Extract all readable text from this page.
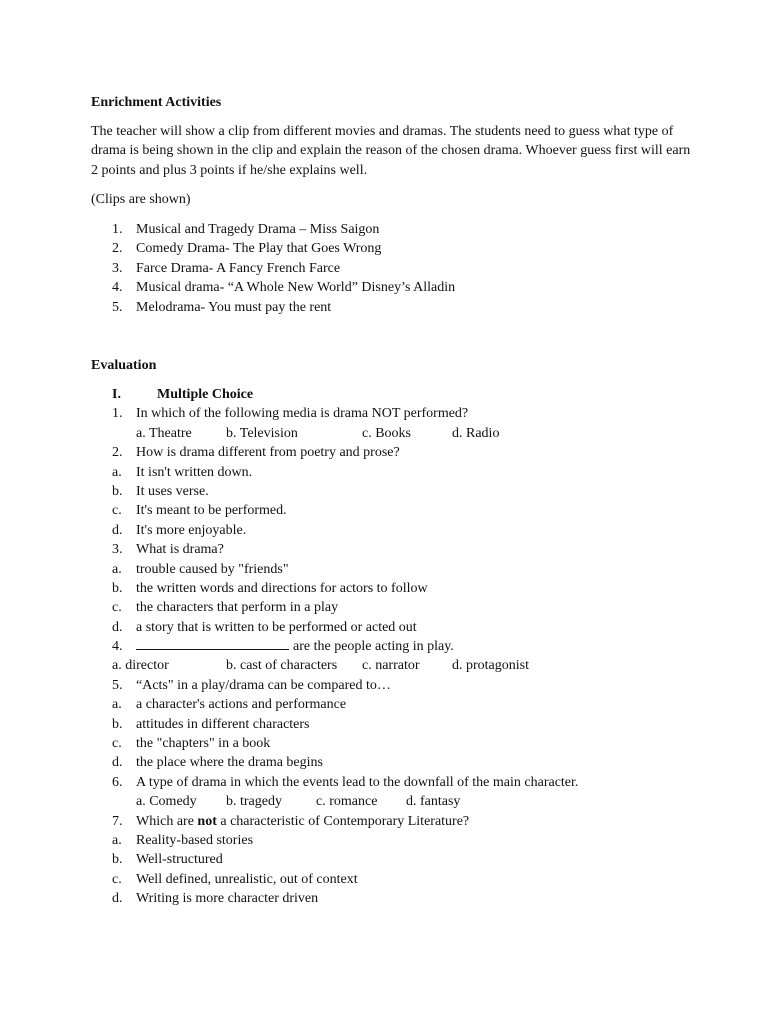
Enrichment Activities
The teacher will show a clip from different movies and dramas. The students need to guess what type of drama is being shown in the clip and explain the reason of the chosen drama. Whoever guess first will earn 2 points and plus 3 points if he/she explains well.
(Clips are shown)
1. Musical and Tragedy Drama – Miss Saigon
2. Comedy Drama- The Play that Goes Wrong
3. Farce Drama- A Fancy French Farce
4. Musical drama- “A Whole New World” Disney’s Alladin
5. Melodrama- You must pay the rent
Evaluation
I.	Multiple Choice
1. In which of the following media is drama NOT performed?
a. Theatre b. Television	c. Books	d. Radio
2. How is drama different from poetry and prose?
a. It isn't written down.
b. It uses verse.
c. It's meant to be performed.
d. It's more enjoyable.
3. What is drama?
a. trouble caused by "friends"
b. the written words and directions for actors to follow
c. the characters that perform in a play
d. a story that is written to be performed or acted out
4.	are the people acting in play.
a. director	b. cast of characters c. narrator d. protagonist
5. “Acts" in a play/drama can be compared to…
a. a character's actions and performance
b. attitudes in different characters
c. the "chapters" in a book
d. the place where the drama begins
6. A type of drama in which the events lead to the downfall of the main character.
a. Comedy b. tragedy c. romance d. fantasy
7. Which are not a characteristic of Contemporary Literature?
a. Reality-based stories
b. Well-structured
c. Well defined, unrealistic, out of context
d. Writing is more character driven
